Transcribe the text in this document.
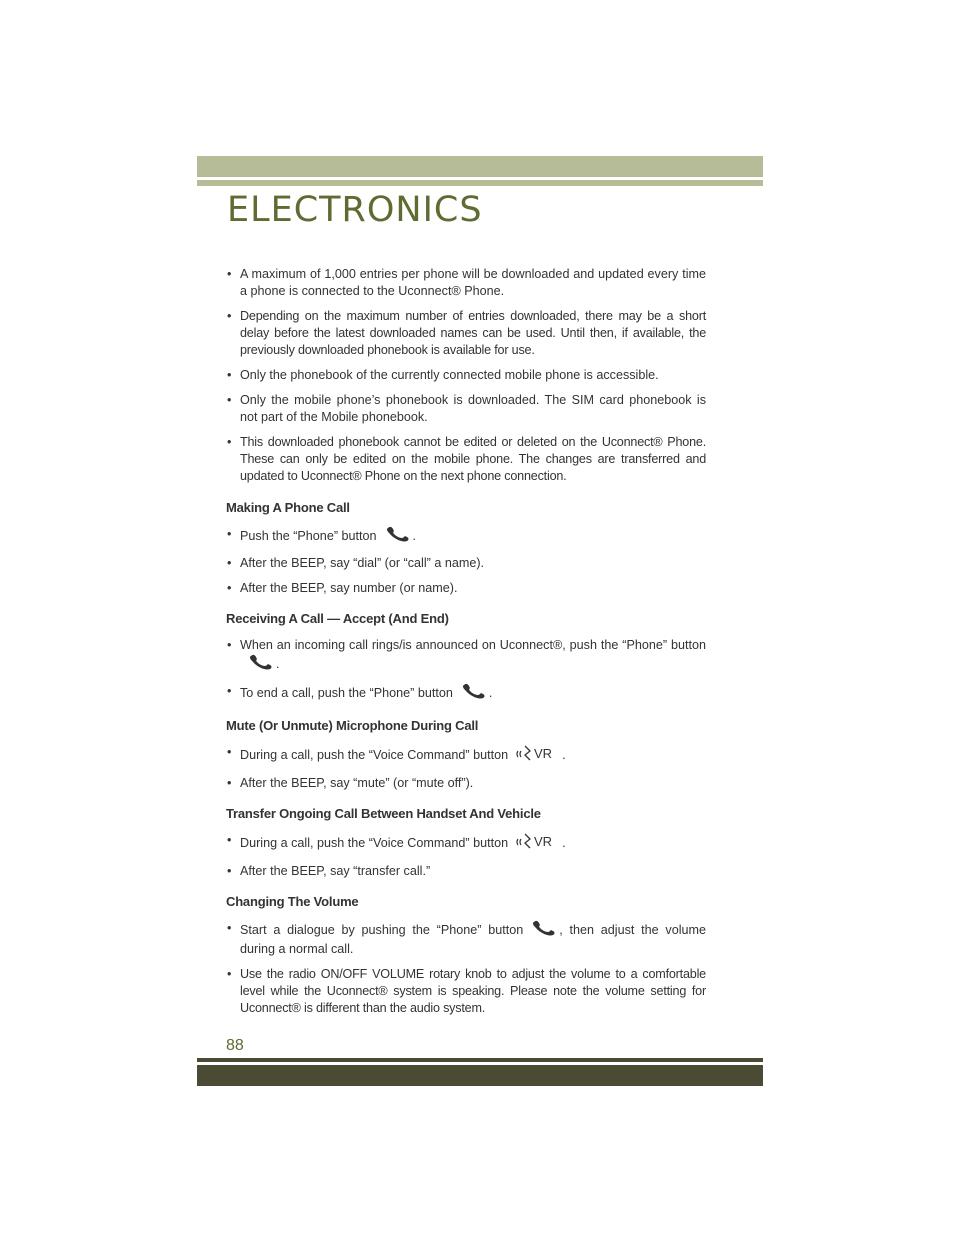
ELECTRONICS

• A maximum of 1,000 entries per phone will be downloaded and updated every time a phone is connected to the Uconnect® Phone.

• Depending on the maximum number of entries downloaded, there may be a short delay before the latest downloaded names can be used. Until then, if available, the previously downloaded phonebook is available for use.

• Only the phonebook of the currently connected mobile phone is accessible.

• Only the mobile phone’s phonebook is downloaded. The SIM card phonebook is not part of the Mobile phonebook.

• This downloaded phonebook cannot be edited or deleted on the Uconnect® Phone. These can only be edited on the mobile phone. The changes are transferred and updated to Uconnect® Phone on the next phone connection.

Making A Phone Call

• Push the “Phone” button	.

• After the BEEP, say “dial” (or “call” a name).

• After the BEEP, say number (or name).

Receiving A Call — Accept (And End)

• When an incoming call rings/is announced on Uconnect®, push the “Phone” button.

• To end a call, push the “Phone” button	.

Mute (Or Unmute) Microphone During Call

• During a call, push the “Voice Command” button VR .

• After the BEEP, say “mute” (or “mute off”).

Transfer Ongoing Call Between Handset And Vehicle

• During a call, push the “Voice Command” button VR .

• After the BEEP, say “transfer call.”

Changing The Volume

• Start a dialogue by pushing the “Phone” button	, then adjust the volume during a normal call.

• Use the radio ON/OFF VOLUME rotary knob to adjust the volume to a comfortable level while the Uconnect® system is speaking. Please note the volume setting for Uconnect® is different than the audio system.

88
